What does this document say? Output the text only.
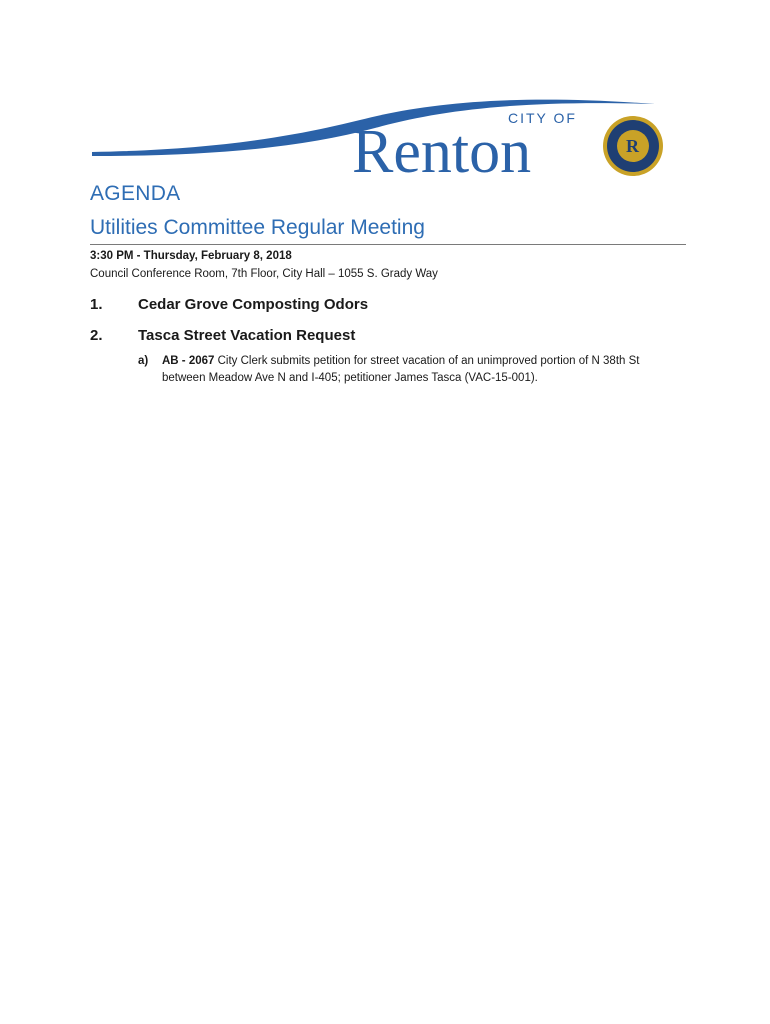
CITY OF
Renton	R
AGENDA
Utilities Committee Regular Meeting
3:30 PM - Thursday, February 8, 2018
Council Conference Room, 7th Floor, City Hall – 1055 S. Grady Way
1. Cedar Grove Composting Odors
2. Tasca Street Vacation Request
a) AB - 2067 City Clerk submits petition for street vacation of an unimproved portion of N 38th St between Meadow Ave N and I-405; petitioner James Tasca (VAC-15-001).
